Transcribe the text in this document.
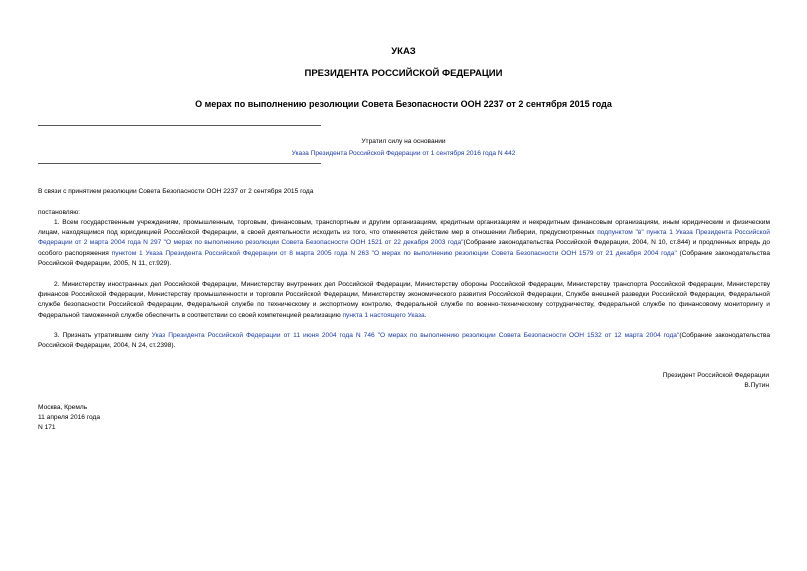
УКАЗ
ПРЕЗИДЕНТА РОССИЙСКОЙ ФЕДЕРАЦИИ
О мерах по выполнению резолюции Совета Безопасности ООН 2237 от 2 сентября 2015 года
Утратил силу на основании
Указа Президента Российской Федерации от 1 сентября 2016 года N 442
В связи с принятием резолюции Совета Безопасности ООН 2237 от 2 сентября 2015 года
постановляю:
1. Всем государственным учреждениям, промышленным, торговым, финансовым, транспортным и другим организациям, кредитным организациям и некредитным финансовым организациям, иным юридическим и физическим лицам, находящимся под юрисдикцией Российской Федерации, в своей деятельности исходить из того, что отменяется действие мер в отношении Либерии, предусмотренных подпунктом "в" пункта 1 Указа Президента Российской Федерации от 2 марта 2004 года N 297 "О мерах по выполнению резолюции Совета Безопасности ООН 1521 от 22 декабря 2003 года"(Собрание законодательства Российской Федерации, 2004, N 10, ст.844) и продленных впредь до особого распоряжения пунктом 1 Указа Президента Российской Федерации от 8 марта 2005 года N 263 "О мерах по выполнению резолюции Совета Безопасности ООН 1579 от 21 декабря 2004 года" (Собрание законодательства Российской Федерации, 2005, N 11, ст.929).
2. Министерству иностранных дел Российской Федерации, Министерству внутренних дел Российской Федерации, Министерству обороны Российской Федерации, Министерству транспорта Российской Федерации, Министерству финансов Российской Федерации, Министерству промышленности и торговли Российской Федерации, Министерству экономического развития Российской Федерации, Службе внешней разведки Российской Федерации, Федеральной службе безопасности Российской Федерации, Федеральной службе по техническому и экспортному контролю, Федеральной службе по военно-техническому сотрудничеству, Федеральной службе по финансовому мониторингу и Федеральной таможенной службе обеспечить в соответствии со своей компетенцией реализацию пункта 1 настоящего Указа.
3. Признать утратившим силу Указ Президента Российской Федерации от 11 июня 2004 года N 746 "О мерах по выполнению резолюции Совета Безопасности ООН 1532 от 12 марта 2004 года"(Собрание законодательства Российской Федерации, 2004, N 24, ст.2398).
Президент Российской Федерации
В.Путин
Москва, Кремль
11 апреля 2016 года
N 171
